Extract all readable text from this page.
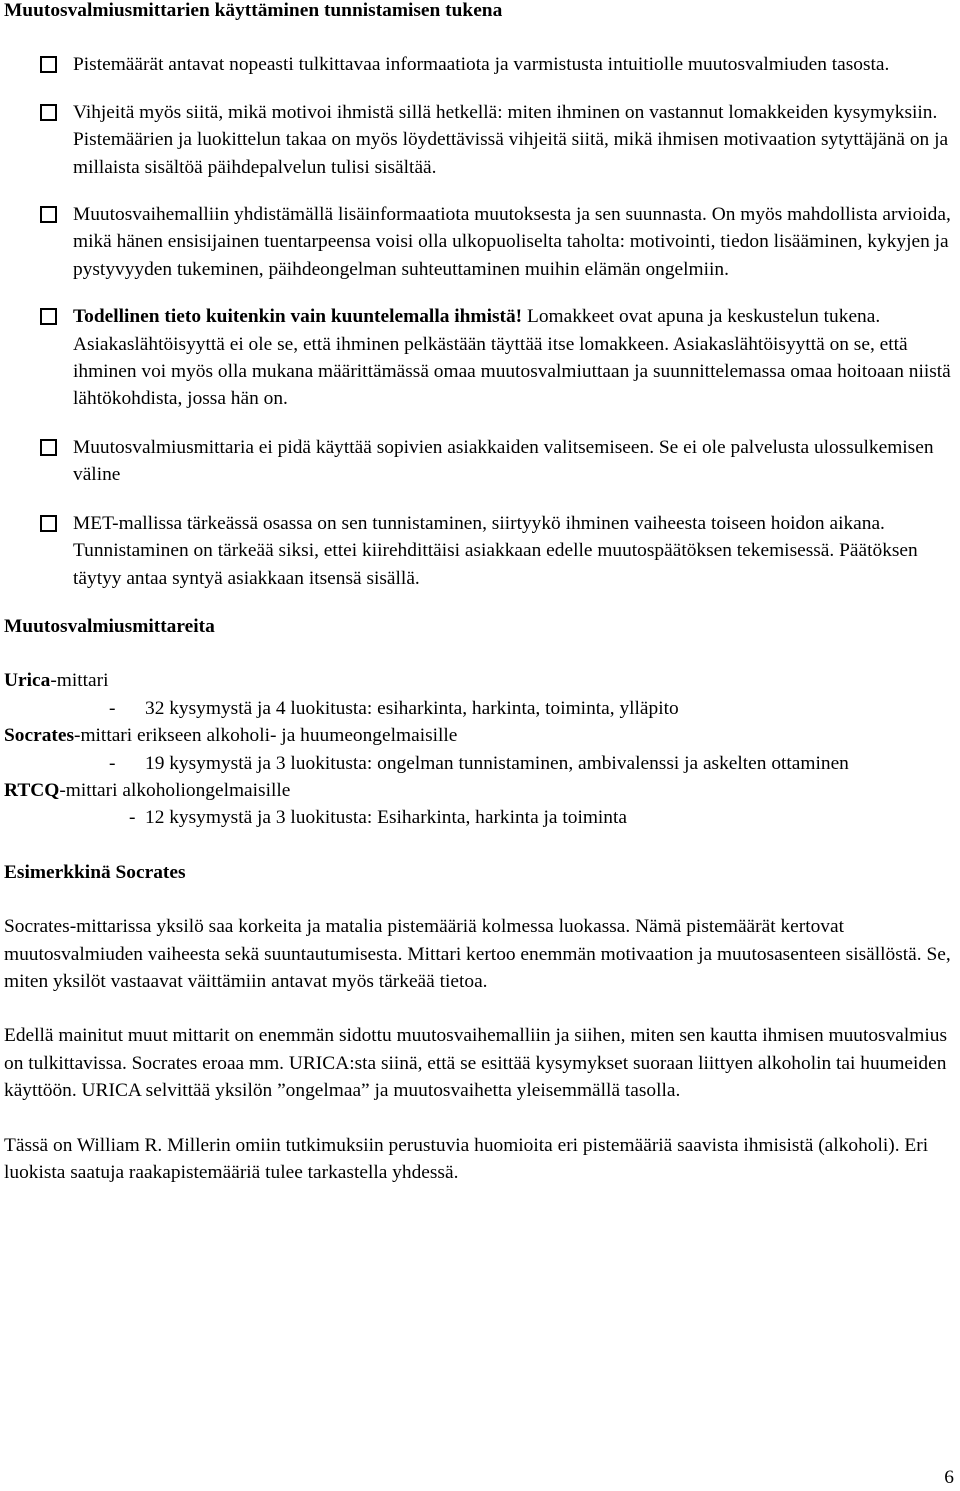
Muutosvalmiusmittarien käyttäminen tunnistamisen tukena

Pistemäärät antavat nopeasti tulkittavaa informaatiota ja varmistusta intuitiolle muutosvalmiuden tasosta.
Vihjeitä myös siitä, mikä motivoi ihmistä sillä hetkellä: miten ihminen on vastannut lomakkeiden kysymyksiin. Pistemäärien ja luokittelun takaa on myös löydettävissä vihjeitä siitä, mikä ihmisen motivaation sytyttäjänä on ja millaista sisältöä päihdepalvelun tulisi sisältää.
Muutosvaihemalliin yhdistämällä lisäinformaatiota muutoksesta ja sen suunnasta. On myös mahdollista arvioida, mikä hänen ensisijainen tuentarpeensa voisi olla ulkopuoliselta taholta: motivointi, tiedon lisääminen, kykyjen ja pystyvyyden tukeminen, päihdeongelman suhteuttaminen muihin elämän ongelmiin.
Todellinen tieto kuitenkin vain kuuntelemalla ihmistä! Lomakkeet ovat apuna ja keskustelun tukena. Asiakaslähtöisyyttä ei ole se, että ihminen pelkästään täyttää itse lomakkeen. Asiakaslähtöisyyttä on se, että ihminen voi myös olla mukana määrittämässä omaa muutosvalmiuttaan ja suunnittelemassa omaa hoitoaan niistä lähtökohdista, jossa hän on.
Muutosvalmiusmittaria ei pidä käyttää sopivien asiakkaiden valitsemiseen. Se ei ole palvelusta ulossulkemisen väline
MET-mallissa tärkeässä osassa on sen tunnistaminen, siirtyykö ihminen vaiheesta toiseen hoidon aikana. Tunnistaminen on tärkeää siksi, ettei kiirehdittäisi asiakkaan edelle muutospäätöksen tekemisessä. Päätöksen täytyy antaa syntyä asiakkaan itsensä sisällä.

Muutosvalmiusmittareita

Urica-mittari

- 32 kysymystä ja 4 luokitusta: esiharkinta, harkinta, toiminta, ylläpito

Socrates-mittari erikseen alkoholi- ja huumeongelmaisille

- 19 kysymystä ja 3 luokitusta: ongelman tunnistaminen, ambivalenssi ja askelten ottaminen

RTCQ-mittari alkoholiongelmaisille

- 12 kysymystä ja 3 luokitusta: Esiharkinta, harkinta ja toiminta

Esimerkkinä Socrates

Socrates-mittarissa yksilö saa korkeita ja matalia pistemääriä kolmessa luokassa. Nämä pistemäärät kertovat muutosvalmiuden vaiheesta sekä suuntautumisesta. Mittari kertoo enemmän motivaation ja muutosasenteen sisällöstä. Se, miten yksilöt vastaavat väittämiin antavat myös tärkeää tietoa.

Edellä mainitut muut mittarit on enemmän sidottu muutosvaihemalliin ja siihen, miten sen kautta ihmisen muutosvalmius on tulkittavissa. Socrates eroaa mm. URICA:sta siinä, että se esittää kysymykset suoraan liittyen alkoholin tai huumeiden käyttöön. URICA selvittää yksilön ”ongelmaa” ja muutosvaihetta yleisemmällä tasolla.

Tässä on William R. Millerin omiin tutkimuksiin perustuvia huomioita eri pistemääriä saavista ihmisistä (alkoholi). Eri luokista saatuja raakapistemääriä tulee tarkastella yhdessä.

6
